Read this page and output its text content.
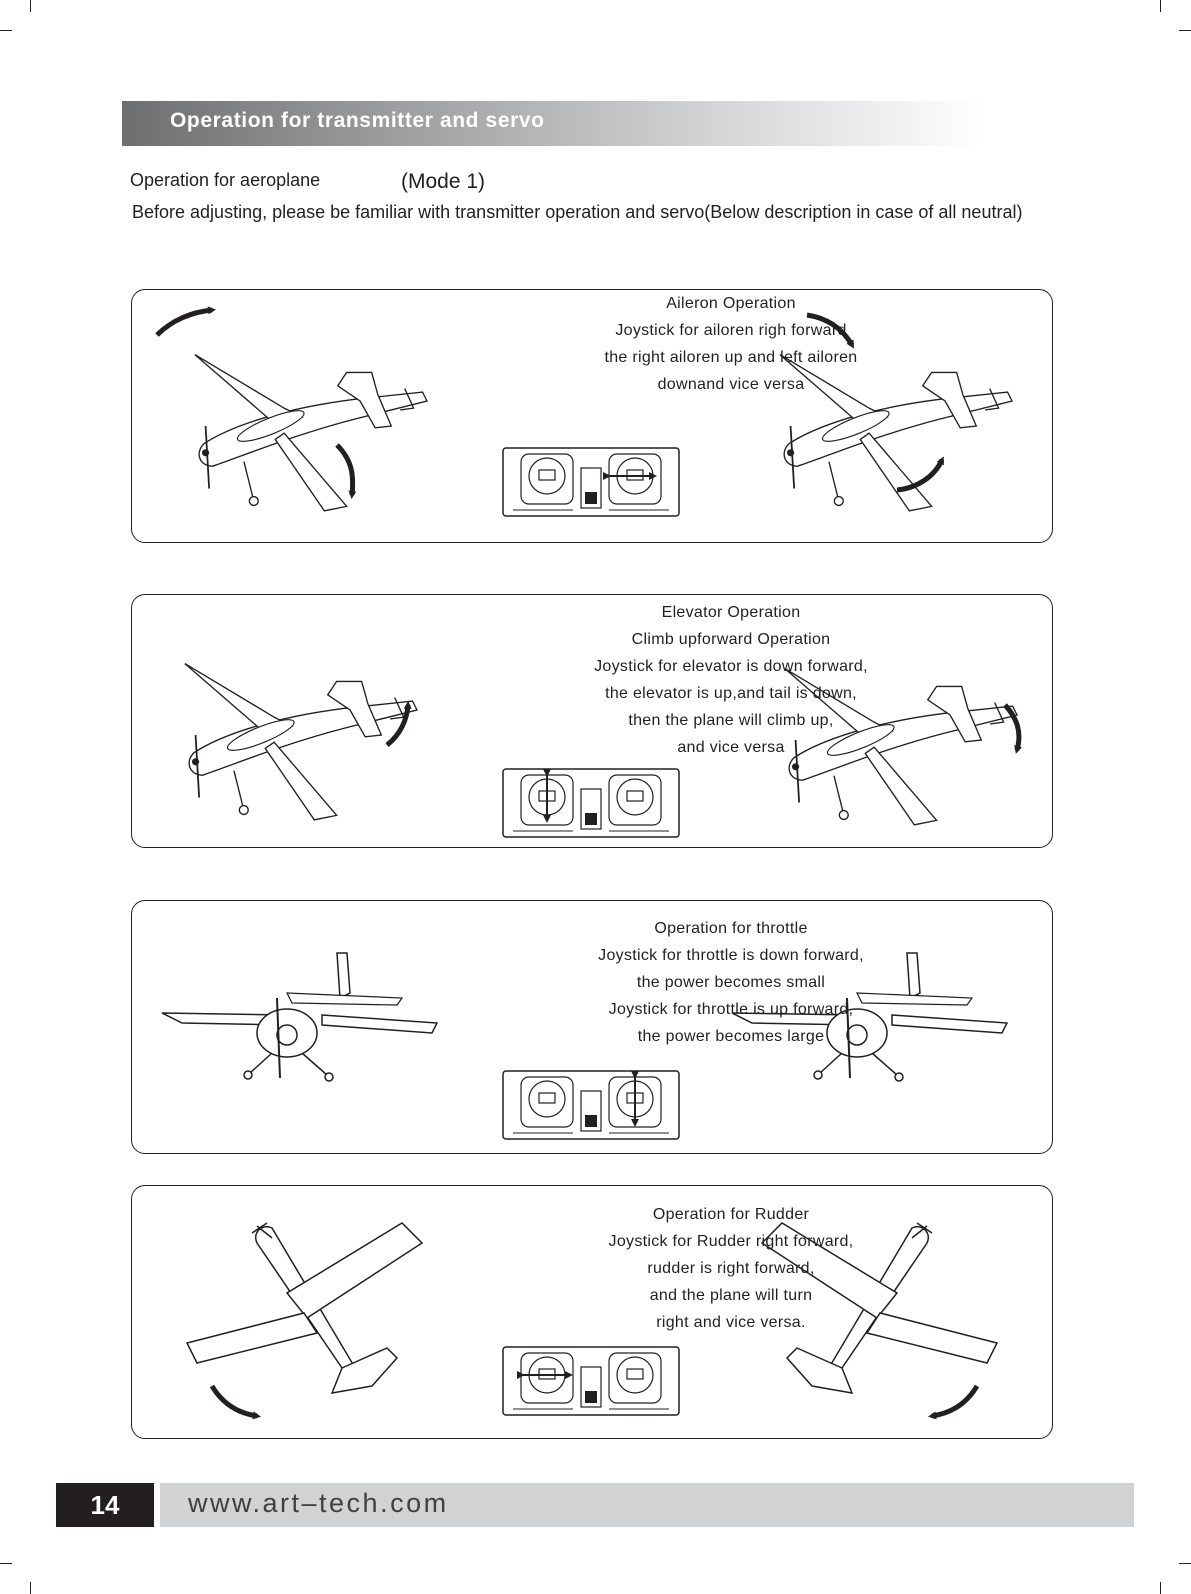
Operation for transmitter and servo
Operation for aeroplane	(Mode 1)
Before adjusting, please be familiar with transmitter operation and servo(Below description in case of all neutral)
Aileron Operation
Joystick for ailoren righ forward
the right ailoren up and left ailoren
downand vice versa
Elevator Operation
Climb upforward Operation
Joystick for elevator is down forward,
the elevator is up,and tail is down,
then the plane will climb up,
and vice versa
Operation for throttle
Joystick for throttle is down forward,
the power becomes small
Joystick for throttle is up forward,
the power becomes large
Operation for Rudder
Joystick for Rudder right forward,
rudder is right forward,
and the plane will turn
right and vice versa.
14	www.art–tech.com
